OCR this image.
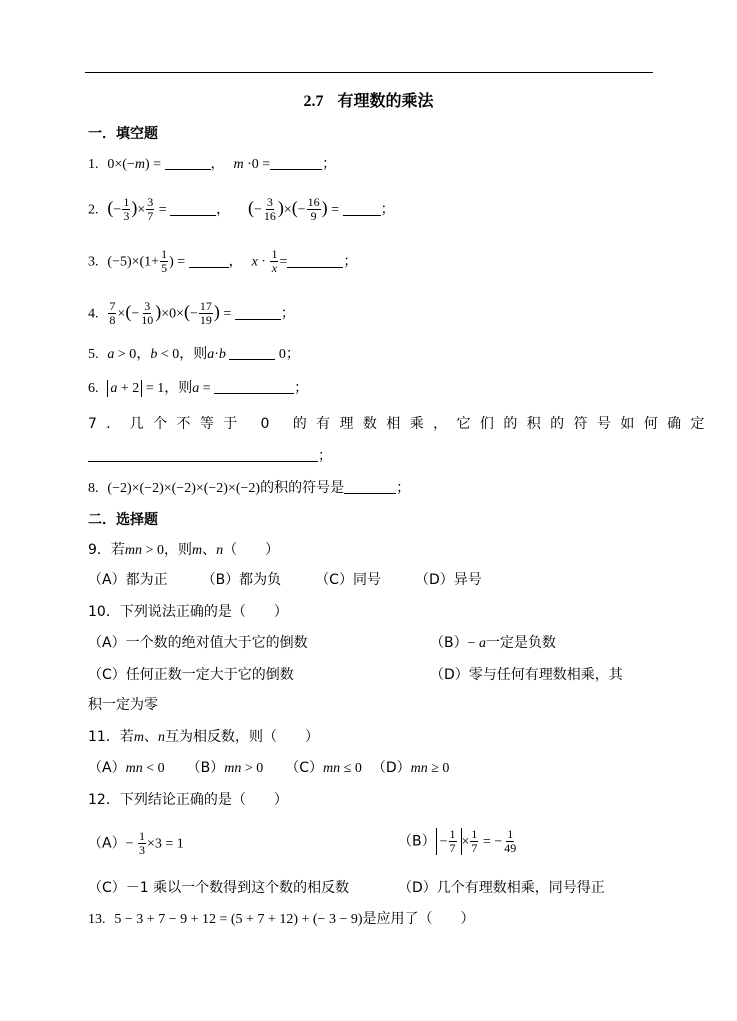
2.7 有理数的乘法
一．填空题
1. 0×(−m) =	， m ·0 =	；
2. (− $\frac{1}{3}$ )× $\frac{3}{7}$ =	， (− $\frac{3}{16}$ )×(− $\frac{16}{9}$ ) =	；
3. $(-5)\times(1+ \frac{1}{5}$ ) =	， $x \cdot \frac{1}{x}$ =	；
4. $\frac{7}{8}$ ×(− $\frac{3}{10} )\times 0\times(- \frac{17}{19}$ ) =	；
5. a > 0，b < 0，则a·b	0；
6. a + 2 = 1，则a =	；
7．几个不等于 0 的有理数相乘，它们的积的符号如何确定
；
8. (−2)×(−2)×(−2)×(−2)×(−2)的积的符号是	；
二．选择题
9．若mn > 0，则m、n（　　）
（A）都为正 （B）都为负 （C）同号 （D）异号
10．下列说法正确的是（　　）
（A）一个数的绝对值大于它的倒数	（B）− a一定是负数
（C）任何正数一定大于它的倒数	（D）零与任何有理数相乘，其
积一定为零
11．若m、n互为相反数，则（　　）
（A）mn < 0 （B）mn > 0 （C）mn ≤ 0 （D）mn ≥ 0
12．下列结论正确的是（　　）
$(A)- \frac{1}{3} \times 3 = 1$	$(B) - \frac{1}{7} \times \frac{1}{7}$ = − $\frac{1}{49}$
（C）－1 乘以一个数得到这个数的相反数	（D）几个有理数相乘，同号得正
13. 5 − 3 + 7 − 9 + 12 = (5 + 7 + 12) + (− 3 − 9)是应用了（　　）
